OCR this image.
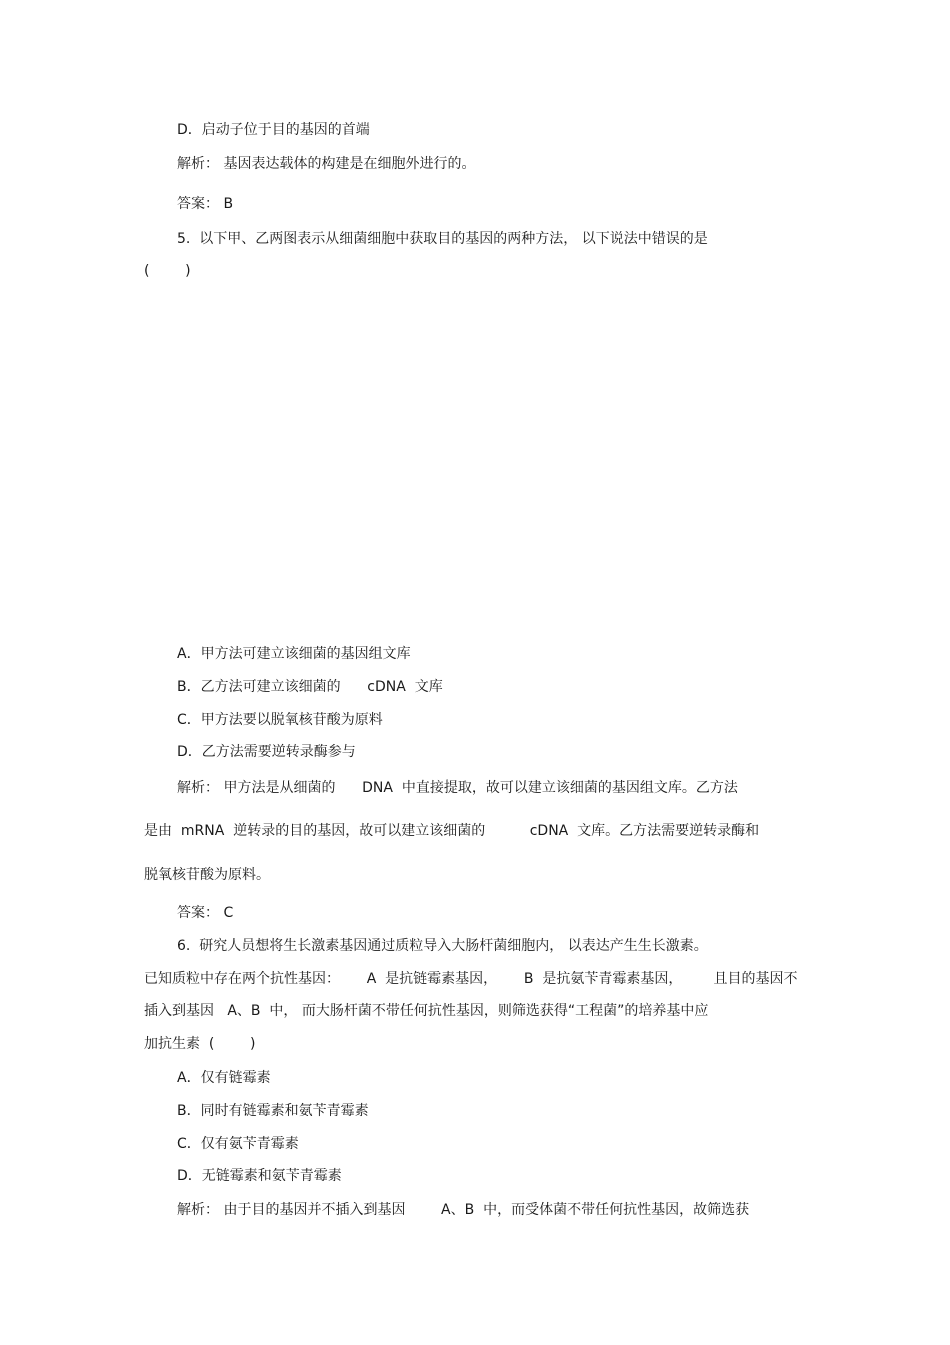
D．启动子位于目的基因的首端
解析： 基因表达载体的构建是在细胞外进行的。
答案： B
5.  以下甲、乙两图表示从细菌细胞中获取目的基因的两种方法， 以下说法中错误的是
(        )
A．甲方法可建立该细菌的基因组文库
B．乙方法可建立该细菌的      cDNA  文库
C．甲方法要以脱氧核苷酸为原料
D．乙方法需要逆转录酶参与
解析： 甲方法是从细菌的      DNA  中直接提取，故可以建立该细菌的基因组文库。乙方法
是由  mRNA  逆转录的目的基因，故可以建立该细菌的          cDNA  文库。乙方法需要逆转录酶和
脱氧核苷酸为原料。
答案： C
6.  研究人员想将生长激素基因通过质粒导入大肠杆菌细胞内， 以表达产生生长激素。
已知质粒中存在两个抗性基因：      A  是抗链霉素基因，      B  是抗氨苄青霉素基因，       且目的基因不
插入到基因   A、B  中， 而大肠杆菌不带任何抗性基因，则筛选获得“工程菌”的培养基中应
加抗生素  (        )
A．仅有链霉素
B．同时有链霉素和氨苄青霉素
C．仅有氨苄青霉素
D．无链霉素和氨苄青霉素
解析： 由于目的基因并不插入到基因        A、B  中，而受体菌不带任何抗性基因，故筛选获
